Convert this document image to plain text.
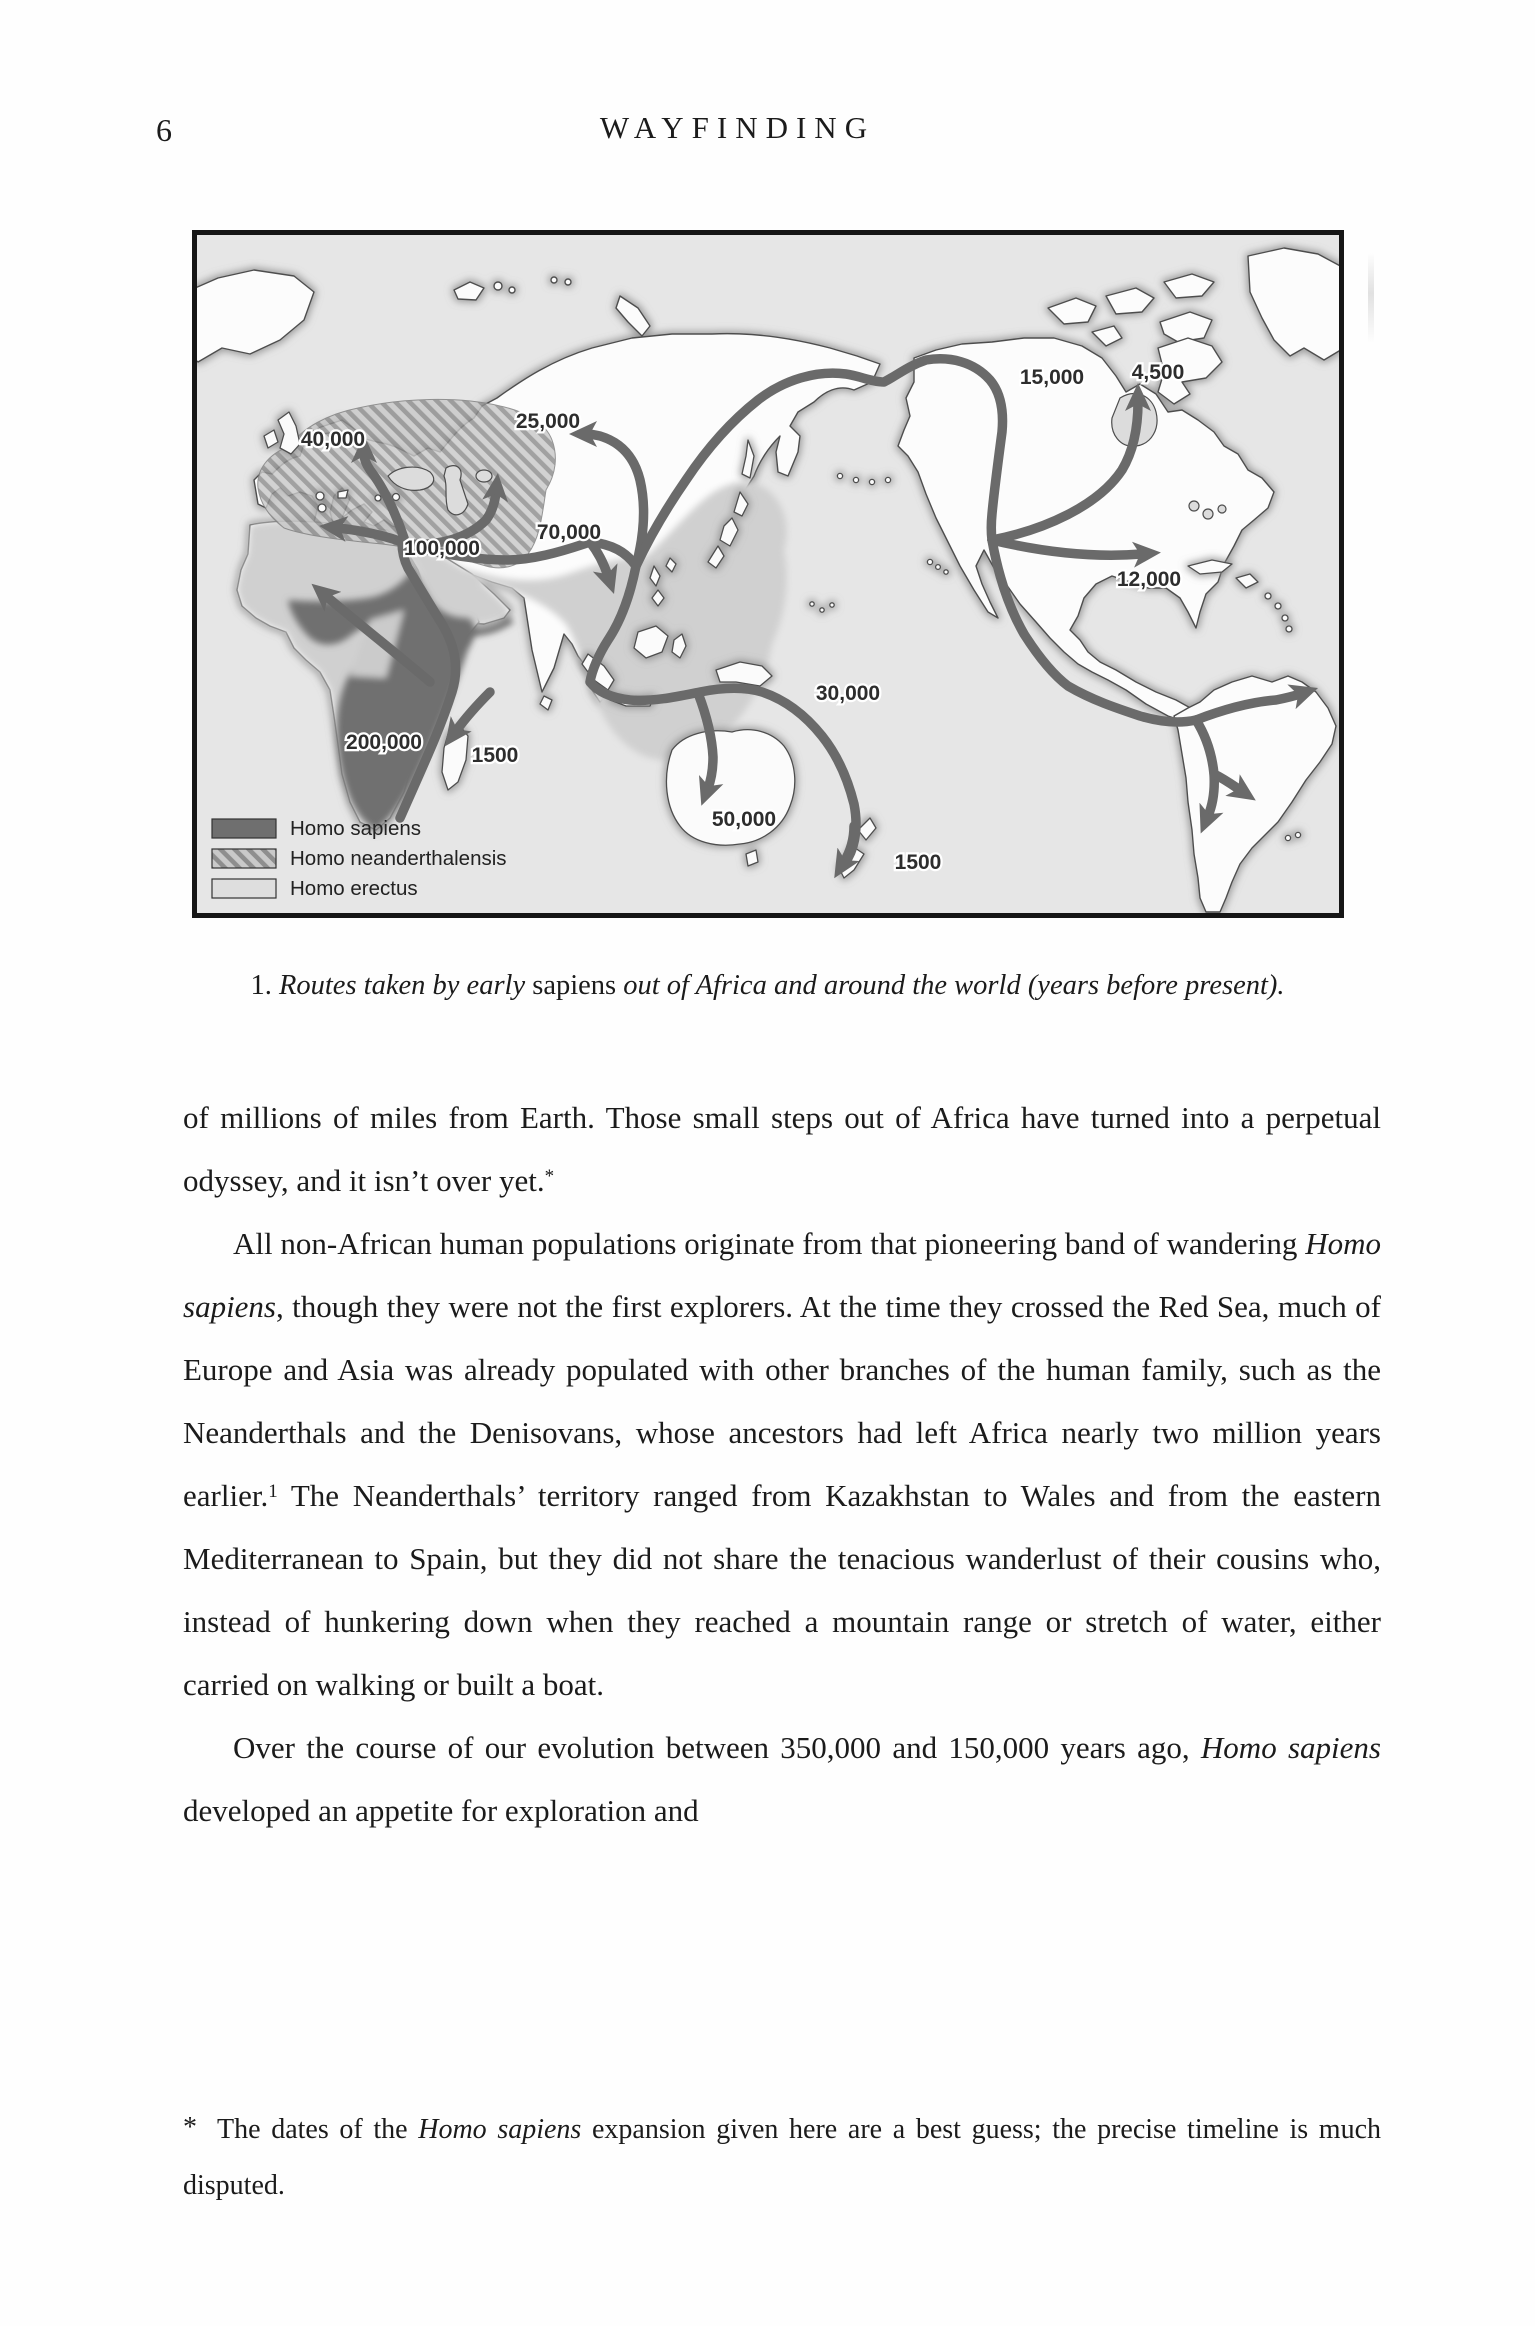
6	WAYFINDING
40,000
25,000
100,000
70,000
200,000
1500
50,000
30,000
1500
15,000 4,500
12,000
Homo sapiens
Homo neanderthalensis
Homo erectus
1. Routes taken by early sapiens out of Africa and around the world (years before present).

of millions of miles from Earth. Those small steps out of Africa have turned into a perpetual odyssey, and it isn’t over yet.*

All non-African human populations originate from that pioneering band of wandering Homo sapiens, though they were not the first explorers. At the time they crossed the Red Sea, much of Europe and Asia was already populated with other branches of the human family, such as the Neanderthals and the Denisovans, whose ancestors had left Africa nearly two million years earlier.$^1$ The Neanderthals’ territory ranged from Kazakhstan to Wales and from the eastern Mediterranean to Spain, but they did not share the tenacious wanderlust of their cousins who, instead of hunkering down when they reached a mountain range or stretch of water, either carried on walking or built a boat.

Over the course of our evolution between 350,000 and 150,000 years ago, Homo sapiens developed an appetite for exploration and

* The dates of the Homo sapiens expansion given here are a best guess; the precise timeline is much disputed.
